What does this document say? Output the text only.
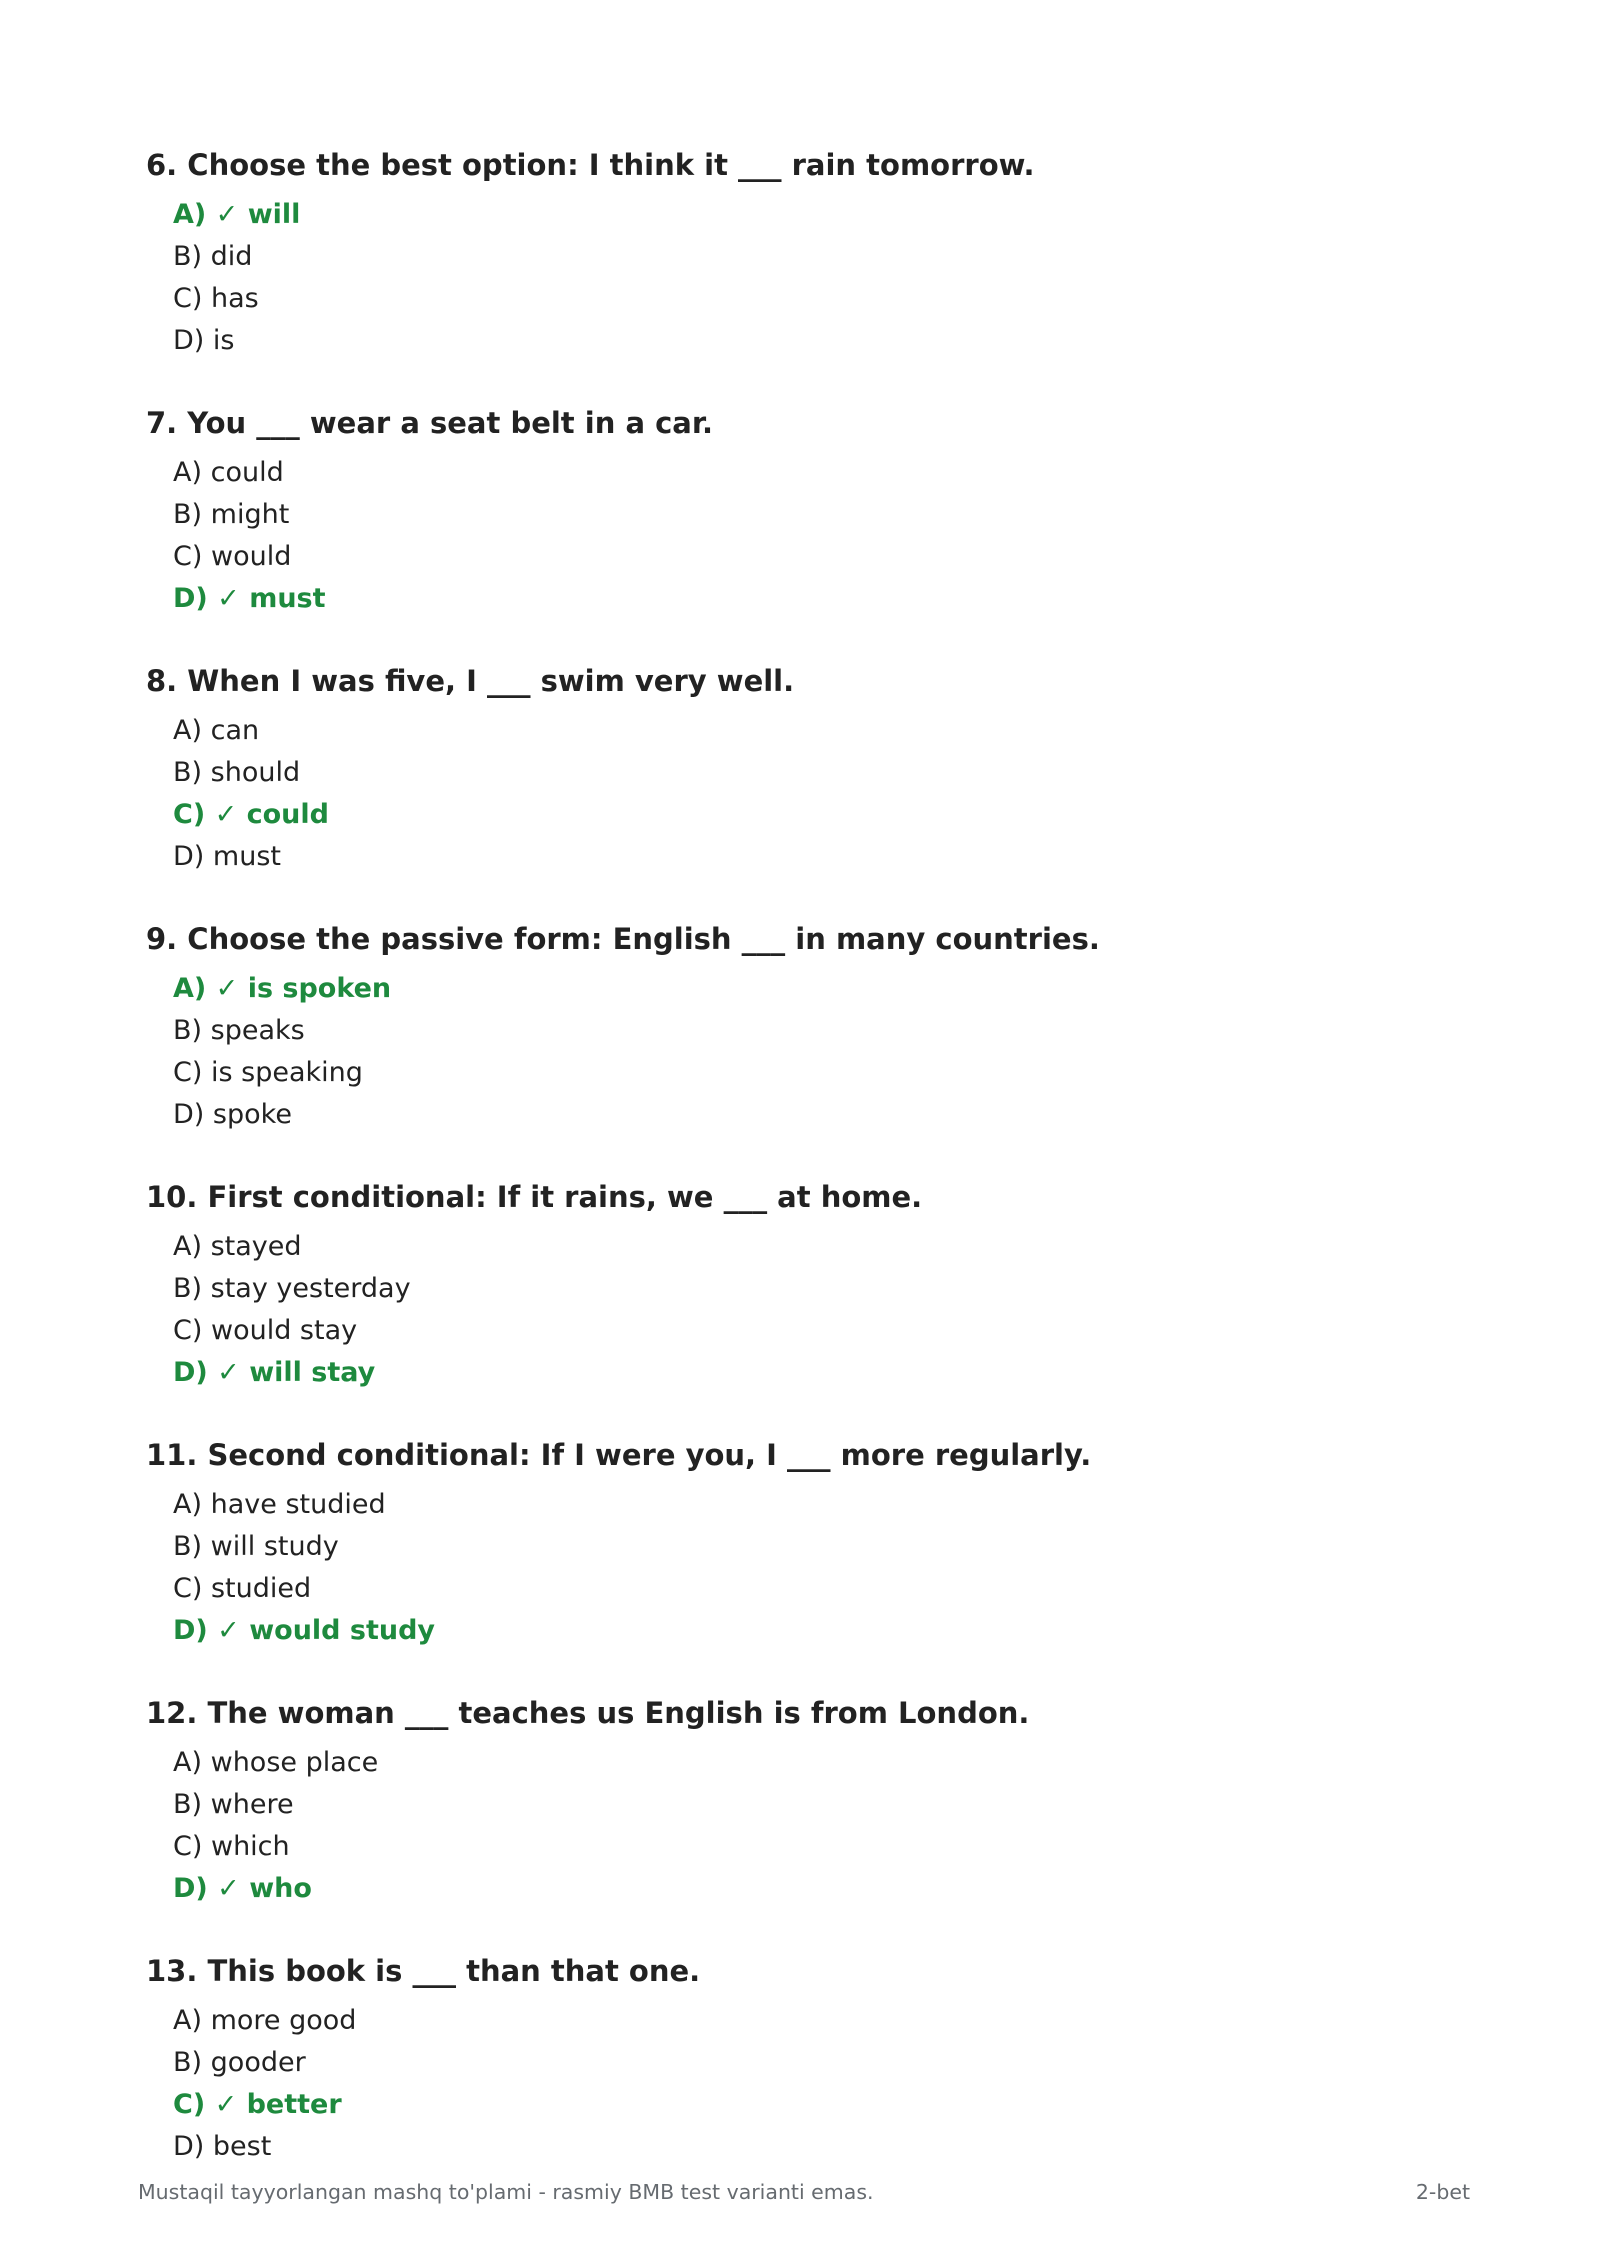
6. Choose the best option: I think it ___ rain tomorrow.
A) ✓ will
B) did
C) has
D) is
7. You ___ wear a seat belt in a car.
A) could
B) might
C) would
D) ✓ must
8. When I was five, I ___ swim very well.
A) can
B) should
C) ✓ could
D) must
9. Choose the passive form: English ___ in many countries.
A) ✓ is spoken
B) speaks
C) is speaking
D) spoke
10. First conditional: If it rains, we ___ at home.
A) stayed
B) stay yesterday
C) would stay
D) ✓ will stay
11. Second conditional: If I were you, I ___ more regularly.
A) have studied
B) will study
C) studied
D) ✓ would study
12. The woman ___ teaches us English is from London.
A) whose place
B) where
C) which
D) ✓ who
13. This book is ___ than that one.
A) more good
B) gooder
C) ✓ better
D) best
Mustaqil tayyorlangan mashq to'plami - rasmiy BMB test varianti emas.	2-bet
